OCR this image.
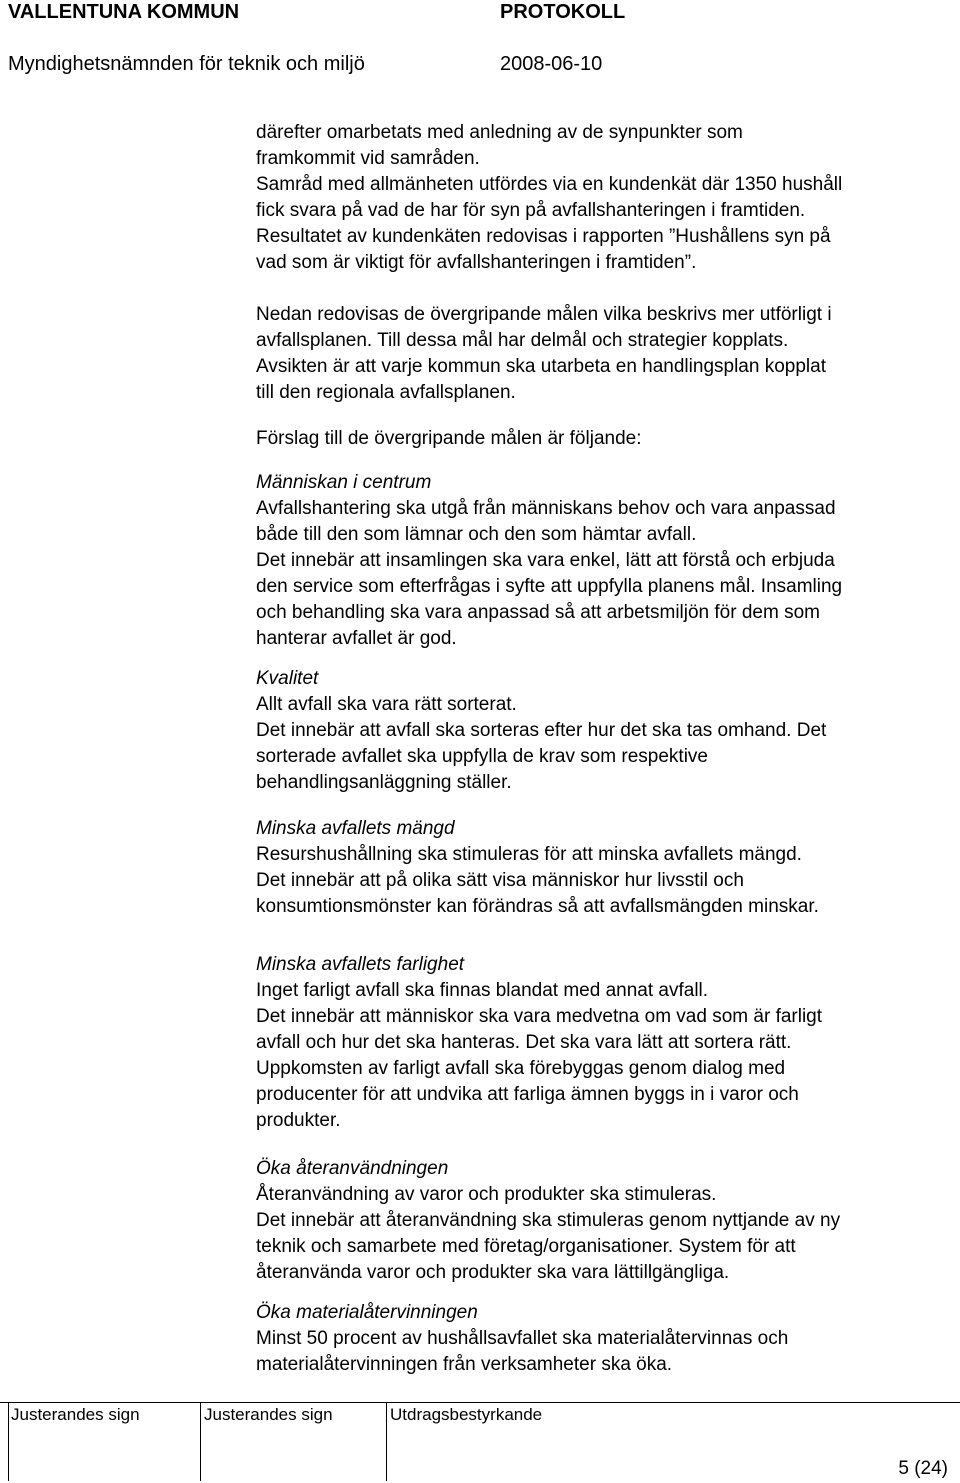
VALLENTUNA KOMMUN	PROTOKOLL
Myndighetsnämnden för teknik och miljö	2008-06-10

därefter omarbetats med anledning av de synpunkter som

framkommit vid samråden.

Samråd med allmänheten utfördes via en kundenkät där 1350 hushåll

fick svara på vad de har för syn på avfallshanteringen i framtiden.

Resultatet av kundenkäten redovisas i rapporten ”Hushållens syn på

vad som är viktigt för avfallshanteringen i framtiden”.

Nedan redovisas de övergripande målen vilka beskrivs mer utförligt i

avfallsplanen. Till dessa mål har delmål och strategier kopplats.

Avsikten är att varje kommun ska utarbeta en handlingsplan kopplat

till den regionala avfallsplanen.

Förslag till de övergripande målen är följande:

Människan i centrum

Avfallshantering ska utgå från människans behov och vara anpassad

både till den som lämnar och den som hämtar avfall.

Det innebär att insamlingen ska vara enkel, lätt att förstå och erbjuda

den service som efterfrågas i syfte att uppfylla planens mål. Insamling

och behandling ska vara anpassad så att arbetsmiljön för dem som

hanterar avfallet är god.

Kvalitet

Allt avfall ska vara rätt sorterat.

Det innebär att avfall ska sorteras efter hur det ska tas omhand. Det

sorterade avfallet ska uppfylla de krav som respektive

behandlingsanläggning ställer.

Minska avfallets mängd

Resurshushållning ska stimuleras för att minska avfallets mängd.

Det innebär att på olika sätt visa människor hur livsstil och

konsumtionsmönster kan förändras så att avfallsmängden minskar.

Minska avfallets farlighet

Inget farligt avfall ska finnas blandat med annat avfall.

Det innebär att människor ska vara medvetna om vad som är farligt

avfall och hur det ska hanteras. Det ska vara lätt att sortera rätt.

Uppkomsten av farligt avfall ska förebyggas genom dialog med

producenter för att undvika att farliga ämnen byggs in i varor och

produkter.

Öka återanvändningen

Återanvändning av varor och produkter ska stimuleras.

Det innebär att återanvändning ska stimuleras genom nyttjande av ny

teknik och samarbete med företag/organisationer. System för att

återanvända varor och produkter ska vara lättillgängliga.

Öka materialåtervinningen

Minst 50 procent av hushållsavfallet ska materialåtervinnas och

materialåtervinningen från verksamheter ska öka.

Justerandes sign	Justerandes sign	Utdragsbestyrkande
5 (24)
